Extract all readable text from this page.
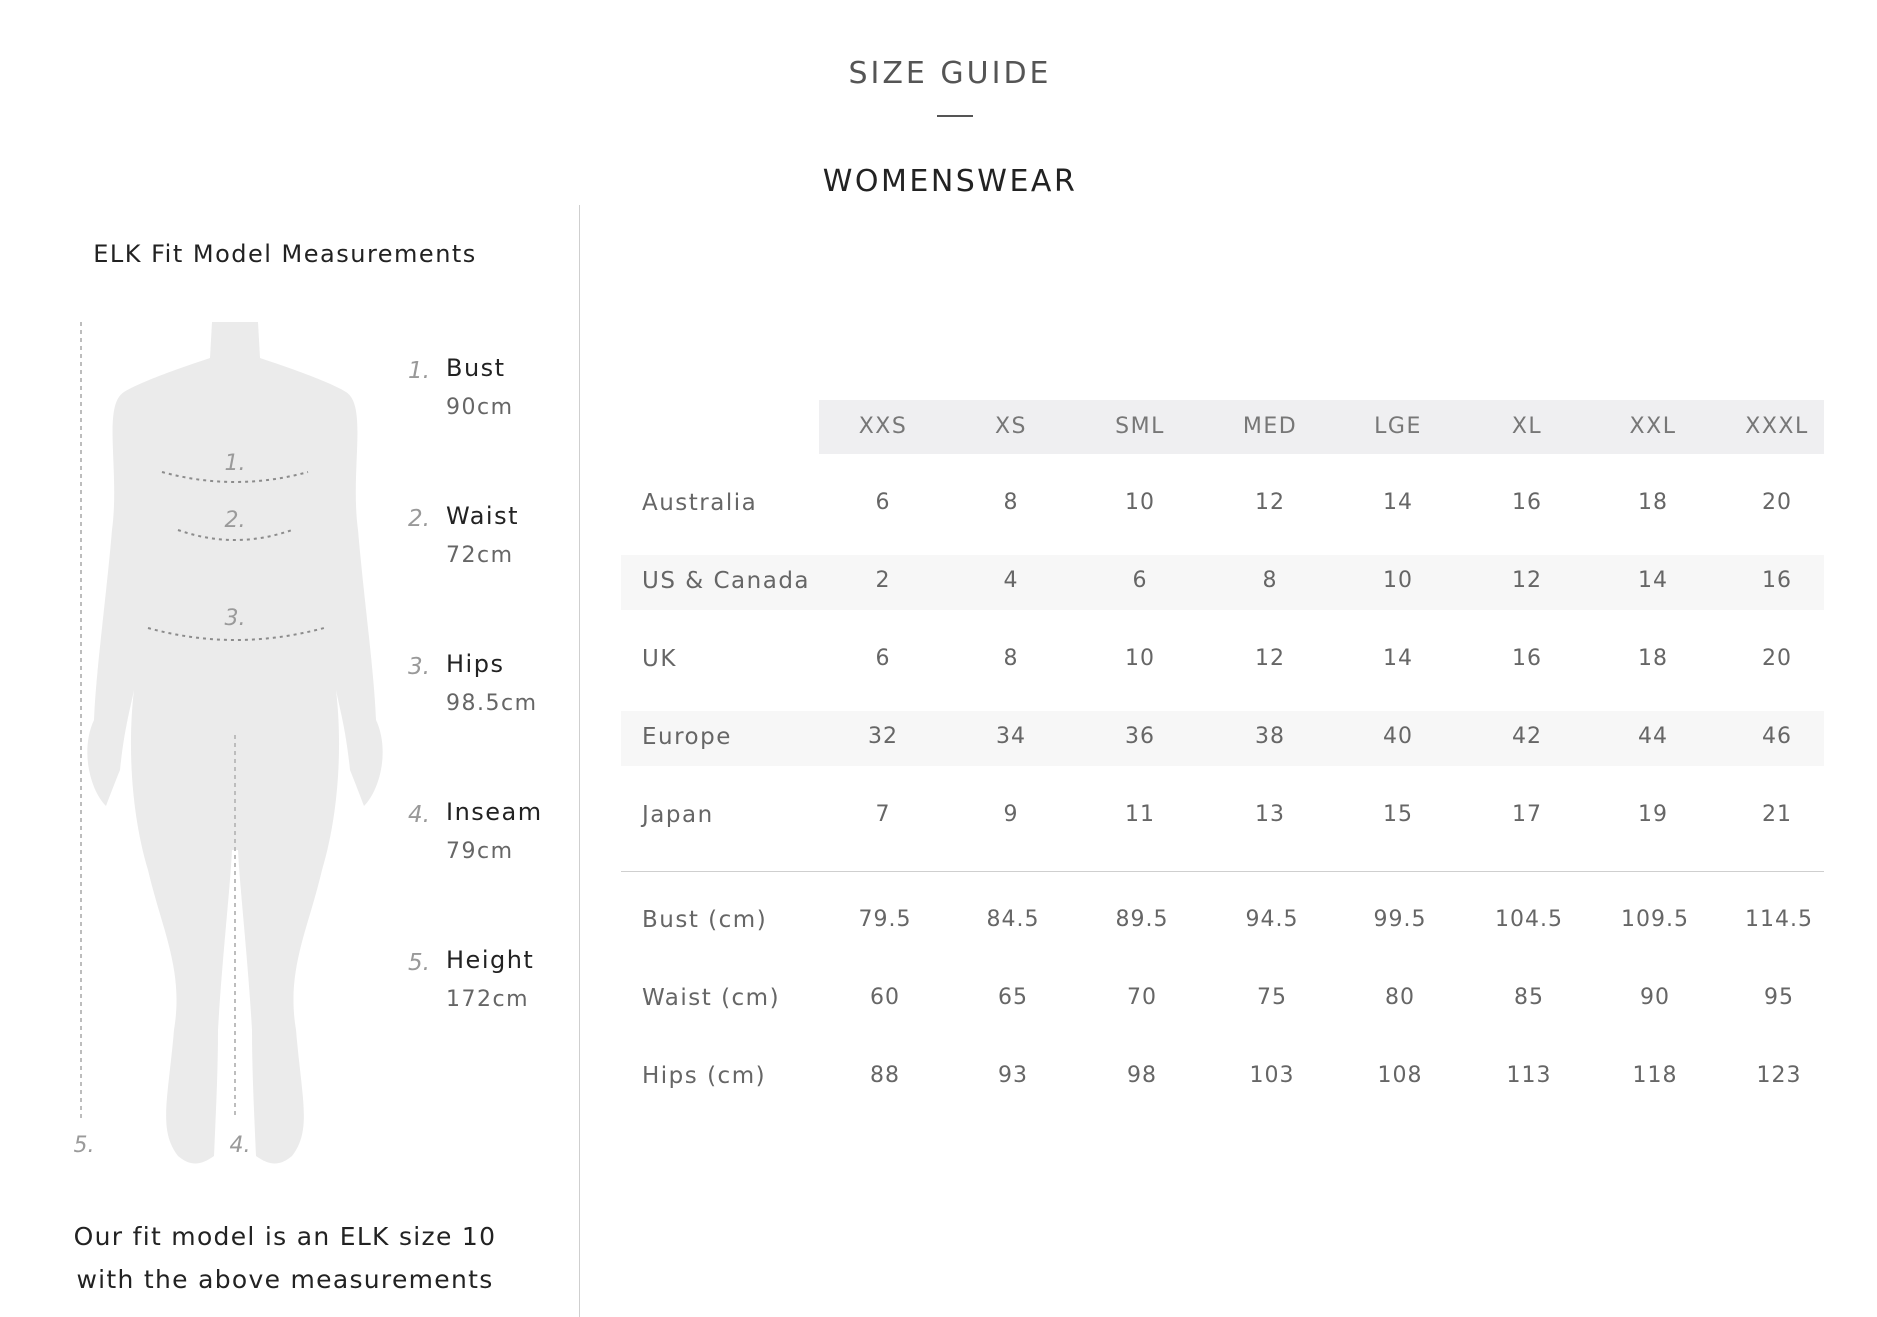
SIZE GUIDE
WOMENSWEAR
ELK Fit Model Measurements
1.
2.
3.
4.
5.
1. Bust
90cm
2. Waist
72cm
3. Hips
98.5cm
4. Inseam
79cm
5. Height
172cm
Our fit model is an ELK size 10
with the above measurements
XXS	XS	SML	MED	LGE	XL	XXL	XXXL
Australia	6	8	10	12	14	16	18	20
US & Canada	2	4	6	8	10	12	14	16
UK	6	8	10	12	14	16	18	20
Europe	32	34	36	38	40	42	44	46
Japan	7	9	11	13	15	17	19	21
Bust (cm)	79.5	84.5	89.5	94.5	99.5	104.5	109.5	114.5
Waist (cm)	60	65	70	75	80	85	90	95
Hips (cm)	88	93	98	103	108	113	118	123
